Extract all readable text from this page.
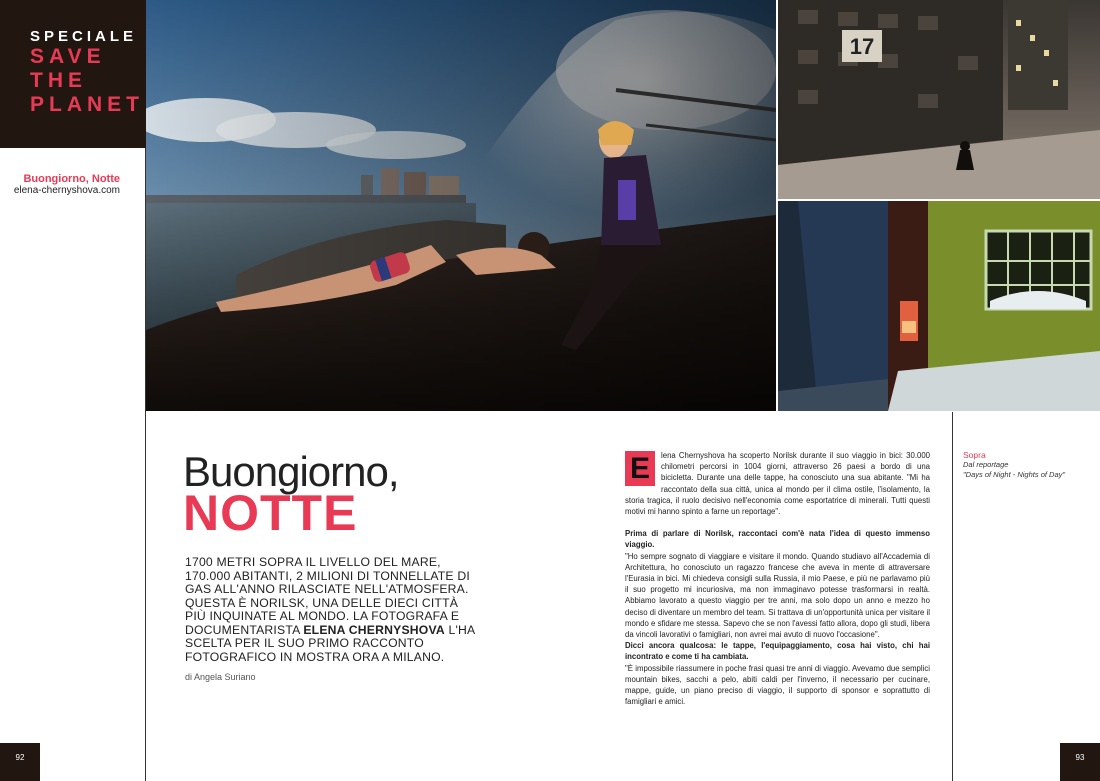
SPECIALE
SAVE
THE
PLANET
Buongiorno, Notte
elena-chernyshova.com
17
Buongiorno,
NOTTE
1700 METRI SOPRA IL LIVELLO DEL MARE, 170.000 ABITANTI, 2 MILIONI DI TONNELLATE DI GAS ALL'ANNO RILASCIATE NELL'ATMOSFERA. QUESTA È NORILSK, UNA DELLE DIECI CITTÀ PIÙ INQUINATE AL MONDO. LA FOTOGRAFA E DOCUMENTARISTA ELENA CHERNYSHOVA L'HA SCELTA PER IL SUO PRIMO RACCONTO FOTOGRAFICO IN MOSTRA ORA A MILANO.
di Angela Suriano

E	lena Chernyshova ha scoperto Norilsk durante il suo viaggio in bici: 30.000 chilometri percorsi in 1004 giorni, attraverso 26 paesi a bordo di una bicicletta. Durante una delle tappe, ha conosciuto una sua abitante. "Mi ha raccontato della sua città, unica al mondo per il clima ostile, l'isolamento, la storia tragica, il ruolo decisivo nell'economia come esportatrice di minerali. Tutti questi motivi mi hanno spinto a farne un reportage".

Prima di parlare di Norilsk, raccontaci com'è nata l'idea di questo immenso viaggio.

"Ho sempre sognato di viaggiare e visitare il mondo. Quando studiavo all'Accademia di Architettura, ho conosciuto un ragazzo francese che aveva in mente di attraversare l'Eurasia in bici. Mi chiedeva consigli sulla Russia, il mio Paese, e più ne parlavamo più il suo progetto mi incuriosiva, ma non immaginavo potesse trasformarsi in realtà. Abbiamo lavorato a questo viaggio per tre anni, ma solo dopo un anno e mezzo ho deciso di diventare un membro del team. Si trattava di un'opportunità unica per visitare il mondo e sfidare me stessa. Sapevo che se non l'avessi fatto allora, dopo gli studi, libera da vincoli lavorativi o famigliari, non avrei mai avuto di nuovo l'occasione".

Dicci ancora qualcosa: le tappe, l'equipaggiamento, cosa hai visto, chi hai incontrato e come ti ha cambiata.

"È impossibile riassumere in poche frasi quasi tre anni di viaggio. Avevamo due semplici mountain bikes, sacchi a pelo, abiti caldi per l'inverno, il necessario per cucinare, mappe, guide, un piano preciso di viaggio, il supporto di sponsor e soprattutto di famigliari e amici.

Sopra
Dal reportage
"Days of Night - Nights of Day"
92	93
